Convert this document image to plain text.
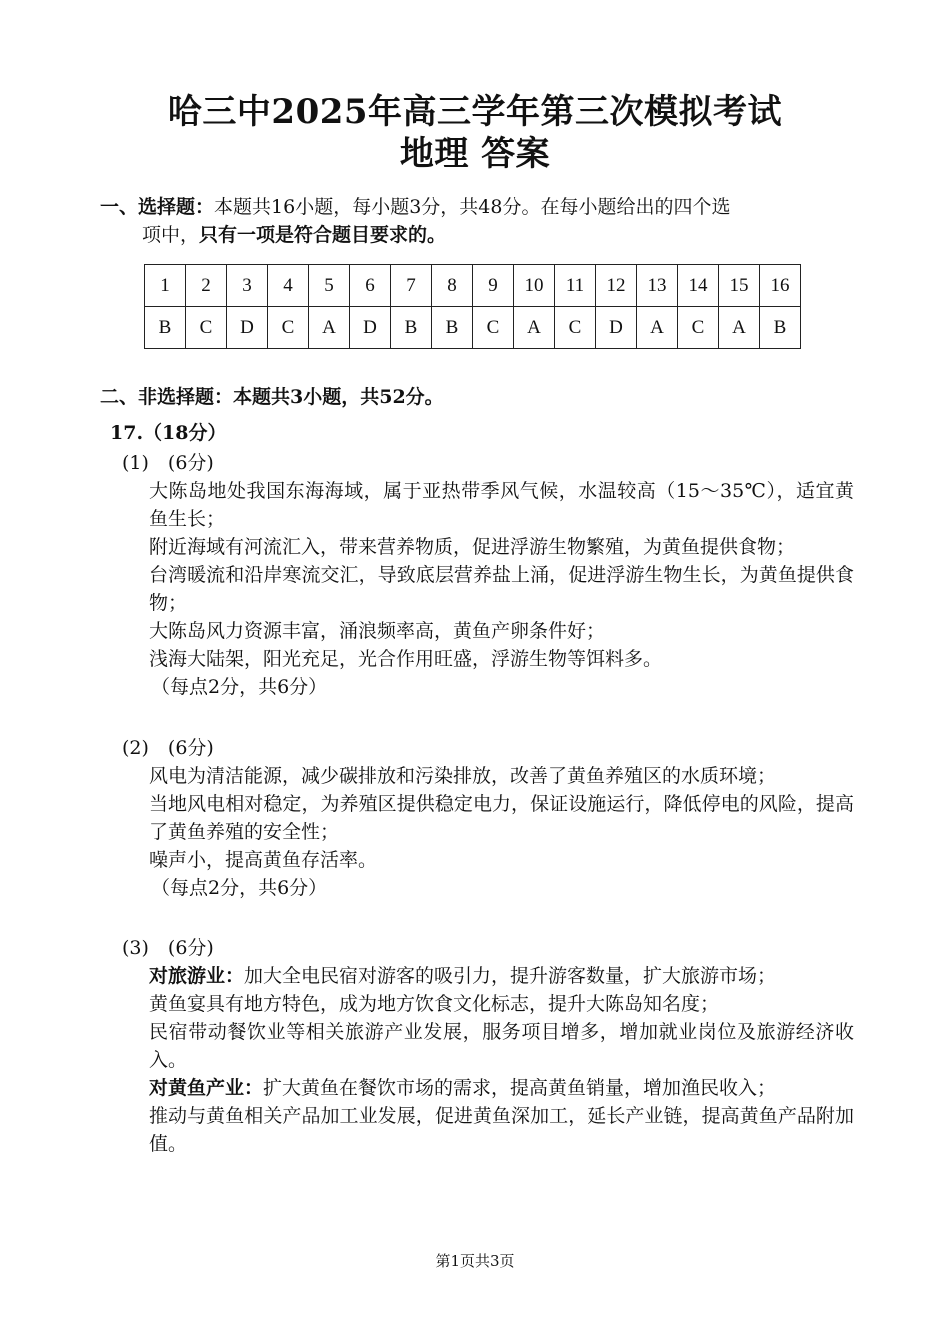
哈三中2025年高三学年第三次模拟考试
地理 答案
一、选择题：本题共16小题，每小题3分，共48分。在每小题给出的四个选
项中，只有一项是符合题目要求的。
1	2	3	4	5	6	7	8	9	10	11	12	13	14	15	16
B	C	D	C	A	D	B	B	C	A	C	D	A	C	A	B
二、非选择题：本题共3小题，共52分。
17.（18分）
(1)　(6分)

大陈岛地处我国东海海域，属于亚热带季风气候，水温较高（15～35℃），适宜黄鱼生长；

附近海域有河流汇入，带来营养物质，促进浮游生物繁殖，为黄鱼提供食物；

台湾暖流和沿岸寒流交汇，导致底层营养盐上涌，促进浮游生物生长，为黄鱼提供食物；

大陈岛风力资源丰富，涌浪频率高，黄鱼产卵条件好；

浅海大陆架，阳光充足，光合作用旺盛，浮游生物等饵料多。

（每点2分，共6分）

(2)　(6分)

风电为清洁能源，减少碳排放和污染排放，改善了黄鱼养殖区的水质环境；

当地风电相对稳定，为养殖区提供稳定电力，保证设施运行，降低停电的风险，提高了黄鱼养殖的安全性；

噪声小，提高黄鱼存活率。

（每点2分，共6分）

(3)　(6分)

对旅游业：加大全电民宿对游客的吸引力，提升游客数量，扩大旅游市场；

黄鱼宴具有地方特色，成为地方饮食文化标志，提升大陈岛知名度；

民宿带动餐饮业等相关旅游产业发展，服务项目增多，增加就业岗位及旅游经济收入。

对黄鱼产业：扩大黄鱼在餐饮市场的需求，提高黄鱼销量，增加渔民收入；

推动与黄鱼相关产品加工业发展，促进黄鱼深加工，延长产业链，提高黄鱼产品附加值。

第1页共3页
